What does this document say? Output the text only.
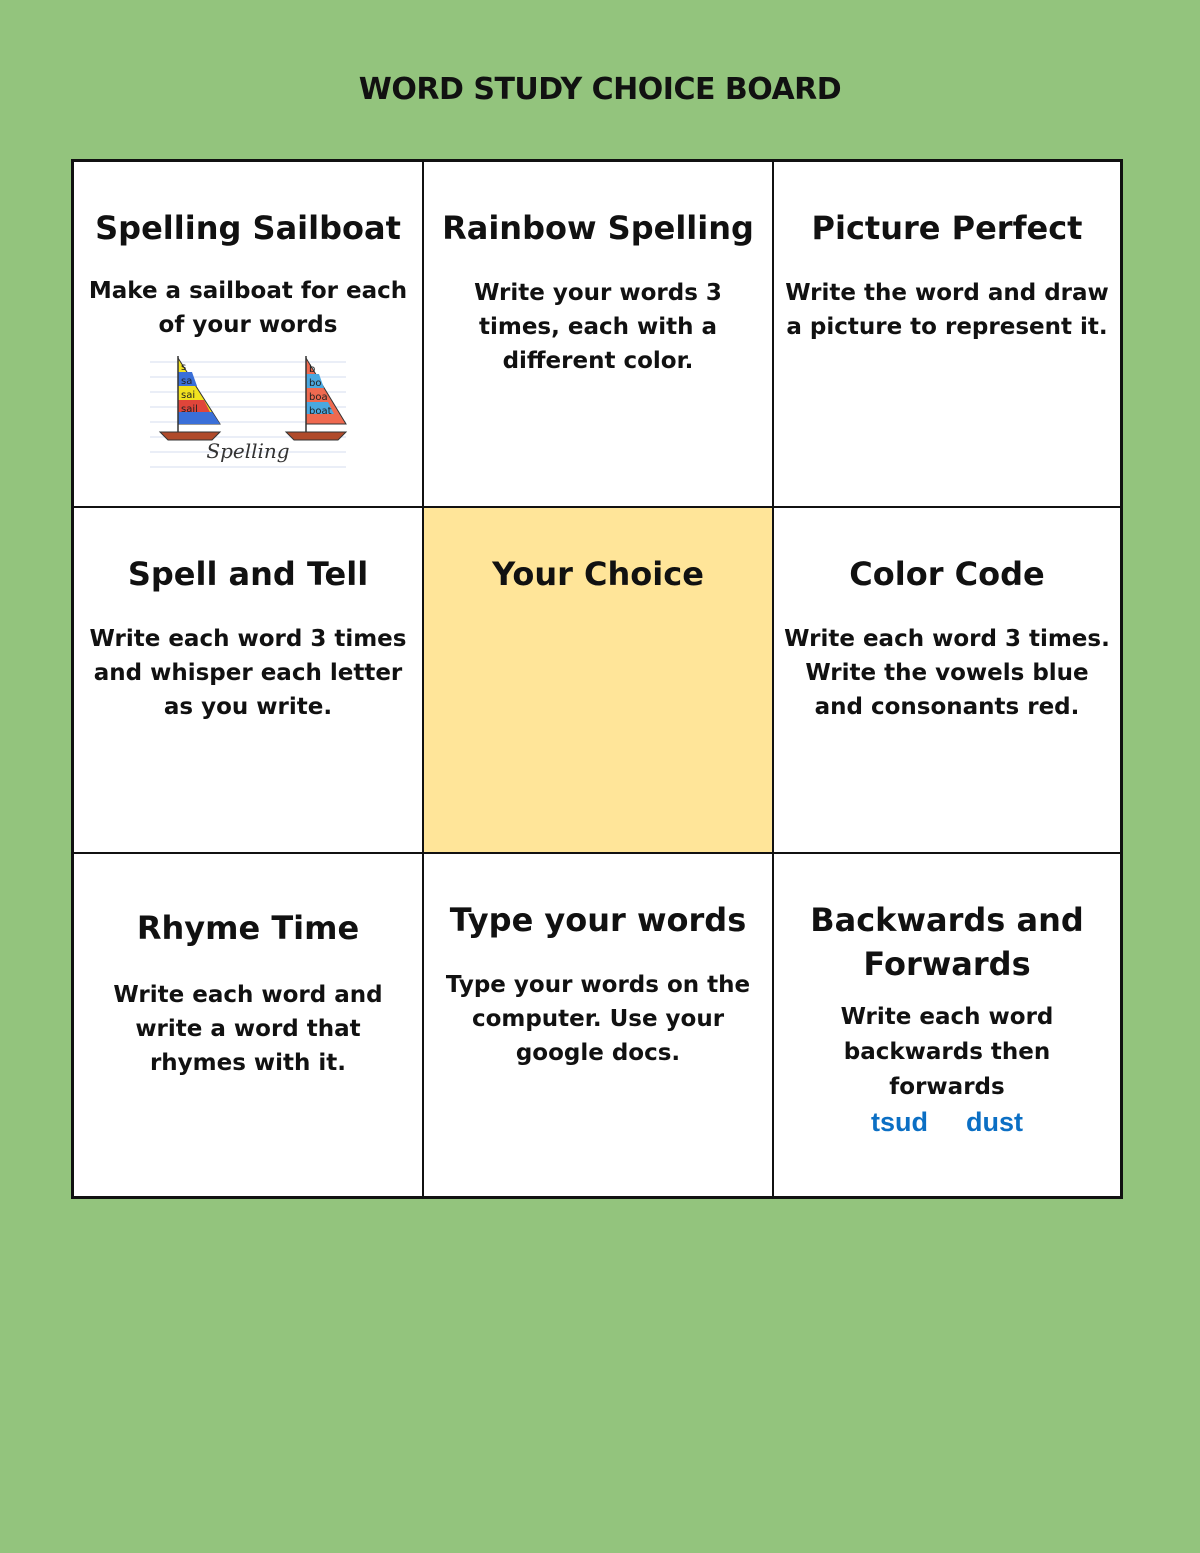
WORD STUDY CHOICE BOARD
Spelling Sailboat
Make a sailboat for each of your words
s
sa
sai
sail
b
bo
boa
boat
Spelling
Rainbow Spelling
Write your words 3 times, each with a different color.
Picture Perfect
Write the word and draw a picture to represent it.
Spell and Tell
Write each word 3 times and whisper each letter as you write.
Your Choice	Color Code
Write each word 3 times. Write the vowels blue and consonants red.
Rhyme Time
Write each word and write a word that rhymes with it.
Type your words
Type your words on the computer. Use your google docs.
Backwards and Forwards
Write each word backwards then forwards
tsud dust
